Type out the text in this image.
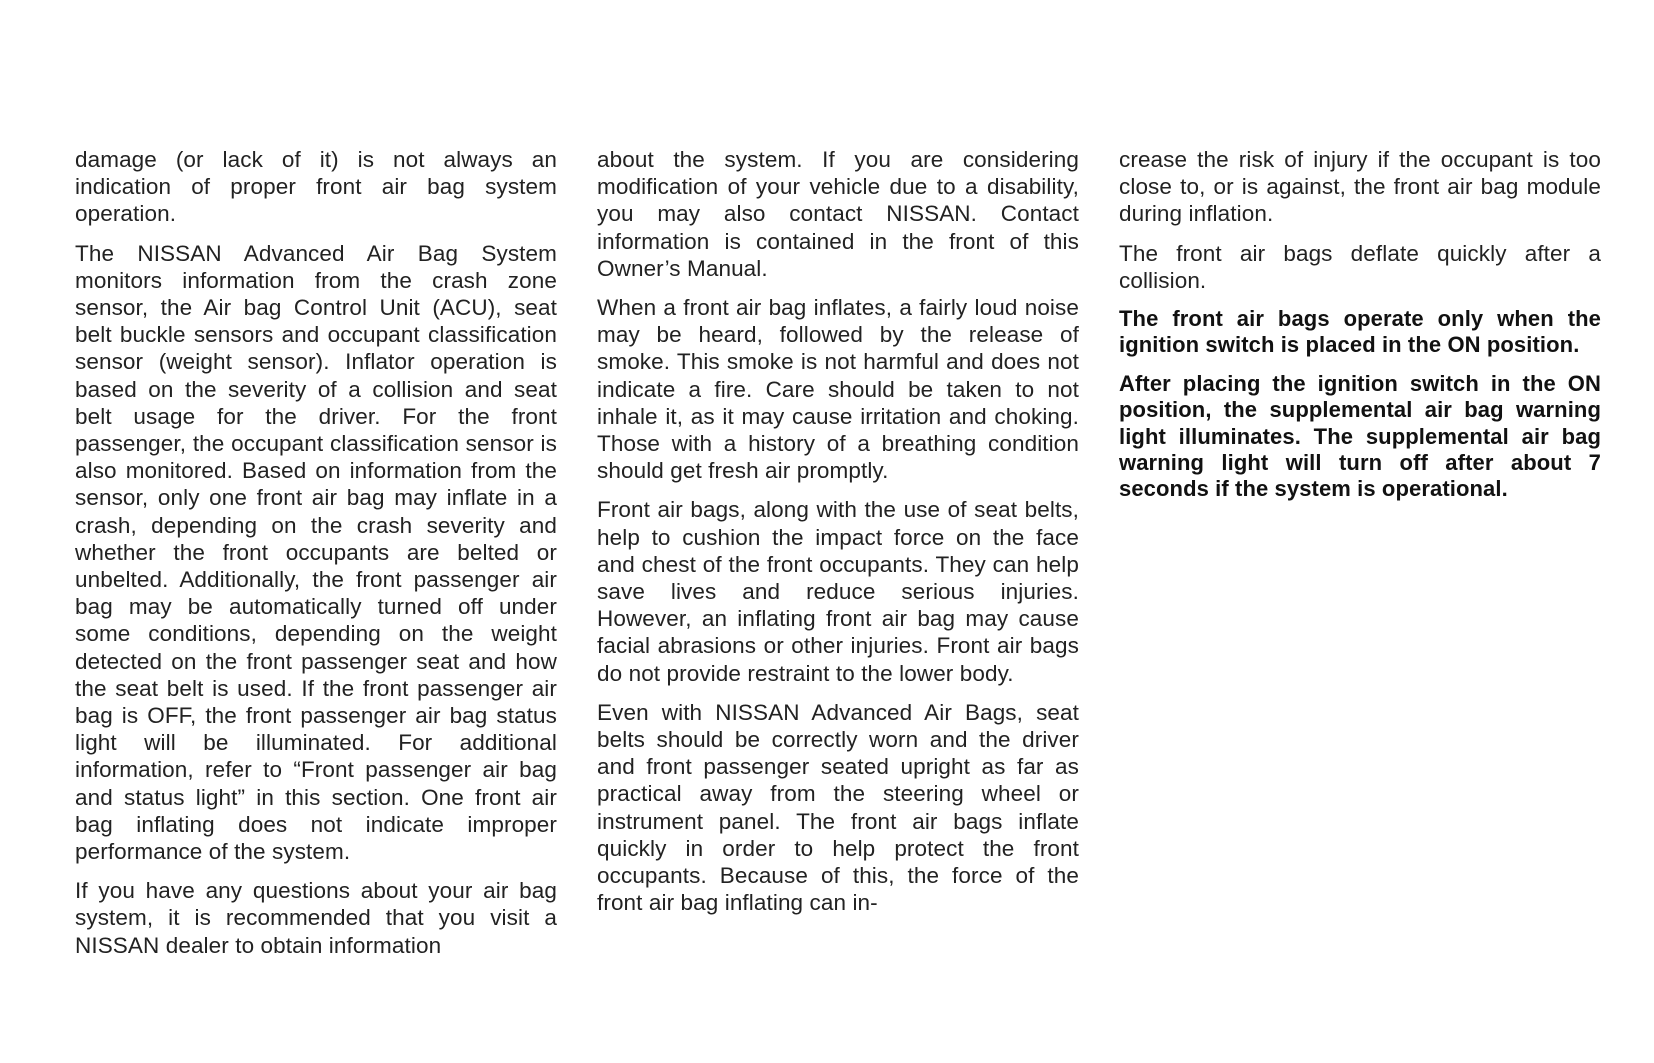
damage (or lack of it) is not always an indication of proper front air bag system operation.

The NISSAN Advanced Air Bag System monitors information from the crash zone sensor, the Air bag Control Unit (ACU), seat belt buckle sensors and occupant classification sensor (weight sensor). Inflator operation is based on the severity of a collision and seat belt usage for the driver. For the front passenger, the occupant classification sensor is also monitored. Based on information from the sensor, only one front air bag may inflate in a crash, depending on the crash severity and whether the front occupants are belted or unbelted. Additionally, the front passenger air bag may be automatically turned off under some conditions, depending on the weight detected on the front passenger seat and how the seat belt is used. If the front passenger air bag is OFF, the front passenger air bag status light will be illuminated. For additional information, refer to “Front passenger air bag and status light” in this section. One front air bag inflating does not indicate improper performance of the system.

If you have any questions about your air bag system, it is recommended that you visit a NISSAN dealer to obtain information

about the system. If you are considering modification of your vehicle due to a disability, you may also contact NISSAN. Contact information is contained in the front of this Owner’s Manual.

When a front air bag inflates, a fairly loud noise may be heard, followed by the release of smoke. This smoke is not harmful and does not indicate a fire. Care should be taken to not inhale it, as it may cause irritation and choking. Those with a history of a breathing condition should get fresh air promptly.

Front air bags, along with the use of seat belts, help to cushion the impact force on the face and chest of the front occupants. They can help save lives and reduce serious injuries. However, an inflating front air bag may cause facial abrasions or other injuries. Front air bags do not provide restraint to the lower body.

Even with NISSAN Advanced Air Bags, seat belts should be correctly worn and the driver and front passenger seated upright as far as practical away from the steering wheel or instrument panel. The front air bags inflate quickly in order to help protect the front occupants. Because of this, the force of the front air bag inflating can in-

crease the risk of injury if the occupant is too close to, or is against, the front air bag module during inflation.

The front air bags deflate quickly after a collision.

The front air bags operate only when the ignition switch is placed in the ON position.

After placing the ignition switch in the ON position, the supplemental air bag warning light illuminates. The supplemental air bag warning light will turn off after about 7 seconds if the system is operational.
